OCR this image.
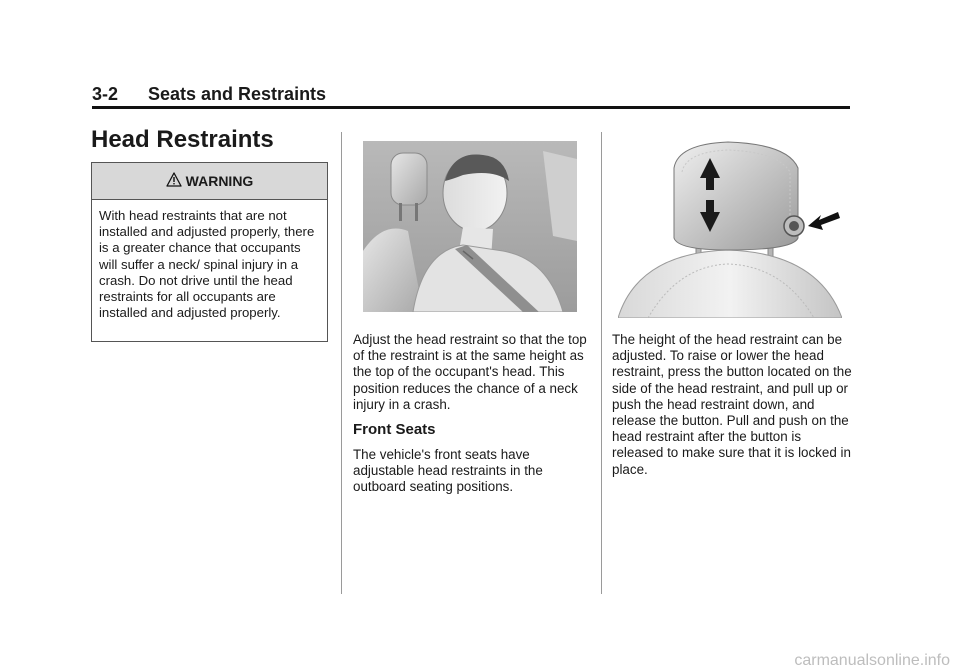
3-2 Seats and Restraints
Head Restraints
WARNING
With head restraints that are not installed and adjusted properly, there is a greater chance that occupants will suffer a neck/ spinal injury in a crash. Do not drive until the head restraints for all occupants are installed and adjusted properly.
Adjust the head restraint so that the top of the restraint is at the same height as the top of the occupant's head. This position reduces the chance of a neck injury in a crash.
Front Seats
The vehicle's front seats have adjustable head restraints in the outboard seating positions.
The height of the head restraint can be adjusted. To raise or lower the head restraint, press the button located on the side of the head restraint, and pull up or push the head restraint down, and release the button. Pull and push on the head restraint after the button is released to make sure that it is locked in place.
carmanualsonline.info
